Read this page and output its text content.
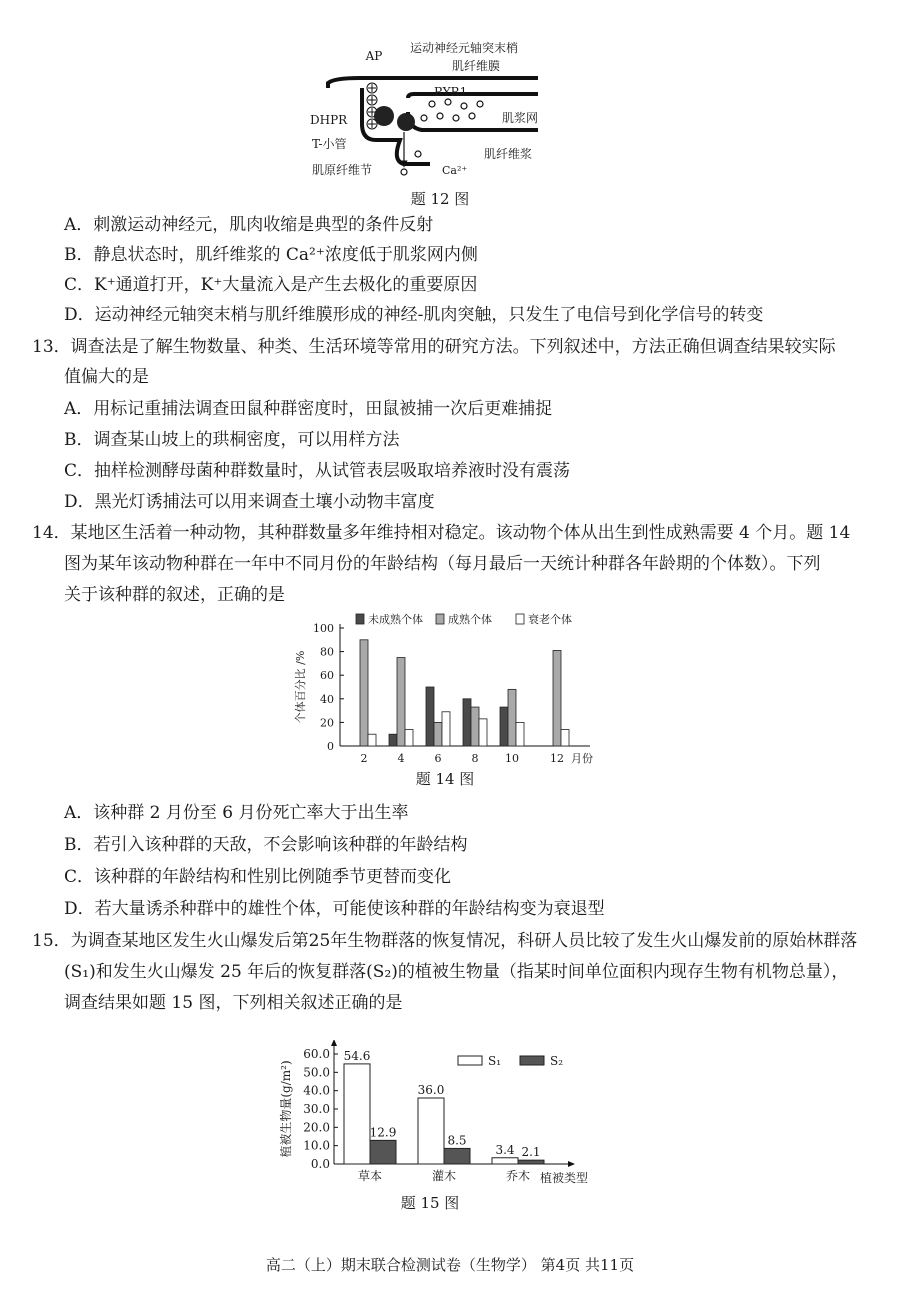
AP
运动神经元轴突末梢
肌纤维膜
RYR1
DHPR	肌浆网
T-小管
肌纤维浆
Ca²⁺
肌原纤维节
题 12 图
A．刺激运动神经元，肌肉收缩是典型的条件反射
B．静息状态时，肌纤维浆的 Ca²⁺浓度低于肌浆网内侧
C．K⁺通道打开，K⁺大量流入是产生去极化的重要原因
D．运动神经元轴突末梢与肌纤维膜形成的神经-肌肉突触，只发生了电信号到化学信号的转变
13．调查法是了解生物数量、种类、生活环境等常用的研究方法。下列叙述中，方法正确但调查结果较实际
值偏大的是
A．用标记重捕法调查田鼠种群密度时，田鼠被捕一次后更难捕捉
B．调查某山坡上的珙桐密度，可以用样方法
C．抽样检测酵母菌种群数量时，从试管表层吸取培养液时没有震荡
D．黑光灯诱捕法可以用来调查土壤小动物丰富度
14．某地区生活着一种动物，其种群数量多年维持相对稳定。该动物个体从出生到性成熟需要 4 个月。题 14
图为某年该动物种群在一年中不同月份的年龄结构（每月最后一天统计种群各年龄期的个体数）。下列
关于该种群的叙述，正确的是
0
20
40
60
80
100
个体百分比 /%
2	4	6	8 10	12 月份
未成熟个体 成熟个体	衰老个体
题 14 图
A．该种群 2 月份至 6 月份死亡率大于出生率
B．若引入该种群的天敌，不会影响该种群的年龄结构
C．该种群的年龄结构和性别比例随季节更替而变化
D．若大量诱杀种群中的雄性个体，可能使该种群的年龄结构变为衰退型
15．为调查某地区发生火山爆发后第25年生物群落的恢复情况，科研人员比较了发生火山爆发前的原始林群落
(S₁)和发生火山爆发 25 年后的恢复群落(S₂)的植被生物量（指某时间单位面积内现存生物有机物总量），
调查结果如题 15 图，下列相关叙述正确的是
0.0
10.0
20.0
30.0
40.0
50.0
60.0
植被生物量(g/m²)
54.6
12.9
草本
36.0
8.5
灌木
3.4 2.1
乔木 植被类型
S₁	S₂
题 15 图
高二（上）期末联合检测试卷（生物学） 第4页 共11页
